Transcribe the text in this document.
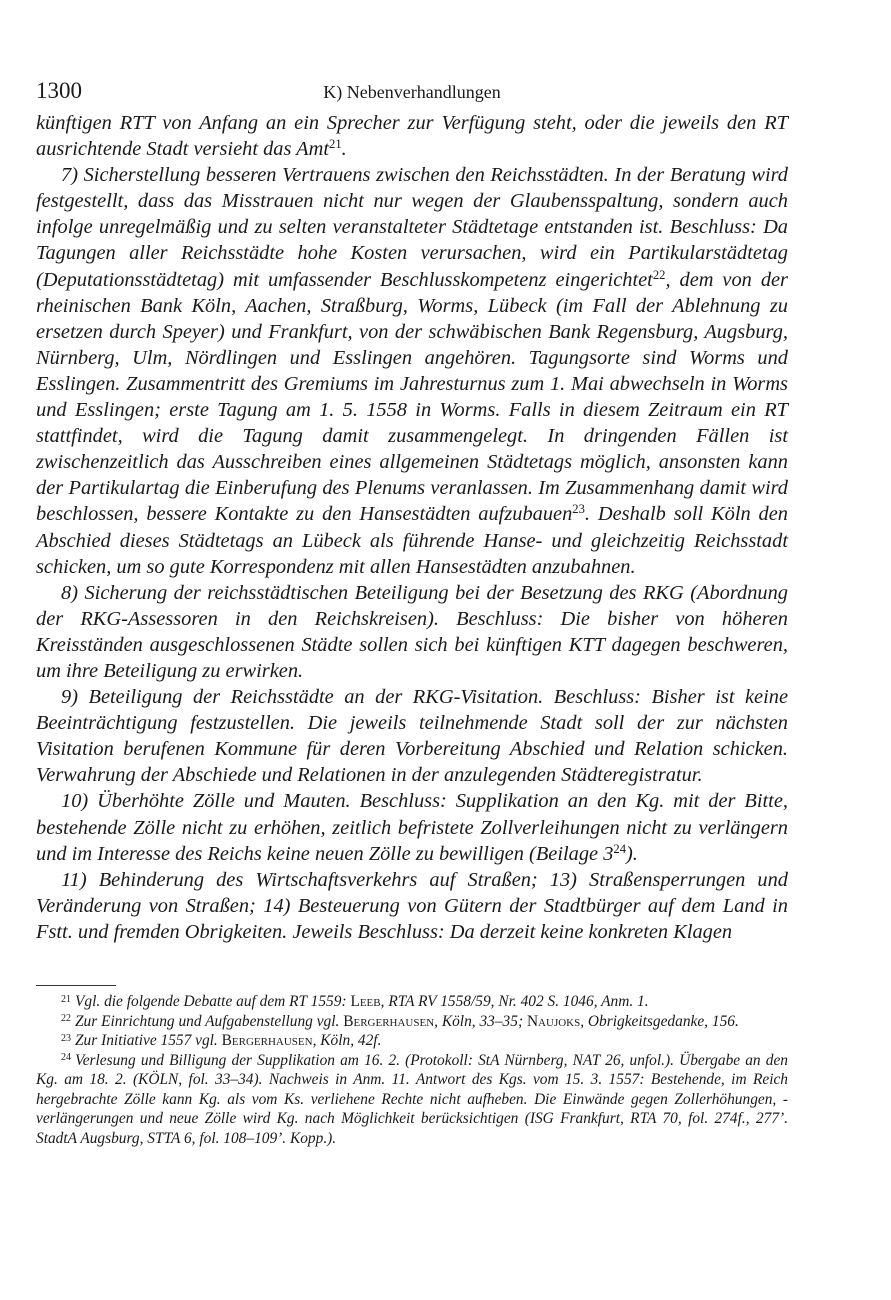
1300	K) Nebenverhandlungen

künftigen RTT von Anfang an ein Sprecher zur Verfügung steht, oder die jeweils den RT ausrichtende Stadt versieht das Amt$^{21}$.

7) Sicherstellung besseren Vertrauens zwischen den Reichsstädten. In der Beratung wird festgestellt, dass das Misstrauen nicht nur wegen der Glaubensspaltung, sondern auch infolge unregelmäßig und zu selten veranstalteter Städtetage entstanden ist. Beschluss: Da Tagungen aller Reichsstädte hohe Kosten verursachen, wird ein Partikularstädtetag (Deputationsstädtetag) mit umfassender Beschlusskompetenz eingerichtet$^{22}$, dem von der rheinischen Bank Köln, Aachen, Straßburg, Worms, Lübeck (im Fall der Ablehnung zu ersetzen durch Speyer) und Frankfurt, von der schwäbischen Bank Regensburg, Augsburg, Nürnberg, Ulm, Nördlingen und Esslingen angehören. Tagungsorte sind Worms und Esslingen. Zusammentritt des Gremiums im Jahresturnus zum 1. Mai abwechseln in Worms und Esslingen; erste Tagung am 1. 5. 1558 in Worms. Falls in diesem Zeitraum ein RT stattfindet, wird die Tagung damit zusammengelegt. In dringenden Fällen ist zwischenzeitlich das Ausschreiben eines allgemeinen Städtetags möglich, ansonsten kann der Partikulartag die Einberufung des Plenums veranlassen. Im Zusammenhang damit wird beschlossen, bessere Kontakte zu den Hansestädten aufzubauen$^{23}$. Deshalb soll Köln den Abschied dieses Städtetags an Lübeck als führende Hanse- und gleichzeitig Reichsstadt schicken, um so gute Korrespondenz mit allen Hansestädten anzubahnen.

8) Sicherung der reichsstädtischen Beteiligung bei der Besetzung des RKG (Abordnung der RKG-Assessoren in den Reichskreisen). Beschluss: Die bisher von höheren Kreisständen ausgeschlossenen Städte sollen sich bei künftigen KTT dagegen beschweren, um ihre Beteiligung zu erwirken.

9) Beteiligung der Reichsstädte an der RKG-Visitation. Beschluss: Bisher ist keine Beeinträchtigung festzustellen. Die jeweils teilnehmende Stadt soll der zur nächsten Visitation berufenen Kommune für deren Vorbereitung Abschied und Relation schicken. Verwahrung der Abschiede und Relationen in der anzulegenden Städteregistratur.

10) Überhöhte Zölle und Mauten. Beschluss: Supplikation an den Kg. mit der Bitte, bestehende Zölle nicht zu erhöhen, zeitlich befristete Zollverleihungen nicht zu verlängern und im Interesse des Reichs keine neuen Zölle zu bewilligen (Beilage $3^{24}$).

11) Behinderung des Wirtschaftsverkehrs auf Straßen; 13) Straßensperrungen und Veränderung von Straßen; 14) Besteuerung von Gütern der Stadtbürger auf dem Land in Fstt. und fremden Obrigkeiten. Jeweils Beschluss: Da derzeit keine konkreten Klagen

$^{21}$ Vgl. die folgende Debatte auf dem RT 1559: Leeb, RTA RV 1558/59, Nr. 402 S. 1046, Anm. 1.

$^{22}$ Zur Einrichtung und Aufgabenstellung vgl. Bergerhausen, Köln, 33–35; Naujoks, Obrigkeitsgedanke, 156.

$^{23}$ Zur Initiative 1557 vgl. Bergerhausen, Köln, 42f.

$^{24}$ Verlesung und Billigung der Supplikation am 16. 2. (Protokoll: StA Nürnberg, NAT 26, unfol.). Übergabe an den Kg. am 18. 2. (KÖLN, fol. 33–34). Nachweis in Anm. 11. Antwort des Kgs. vom 15. 3. 1557: Bestehende, im Reich hergebrachte Zölle kann Kg. als vom Ks. verliehene Rechte nicht aufheben. Die Einwände gegen Zollerhöhungen, -verlängerungen und neue Zölle wird Kg. nach Möglichkeit berücksichtigen (ISG Frankfurt, RTA 70, fol. 274f., 277’. StadtA Augsburg, STTA 6, fol. 108–109’. Kopp.).
